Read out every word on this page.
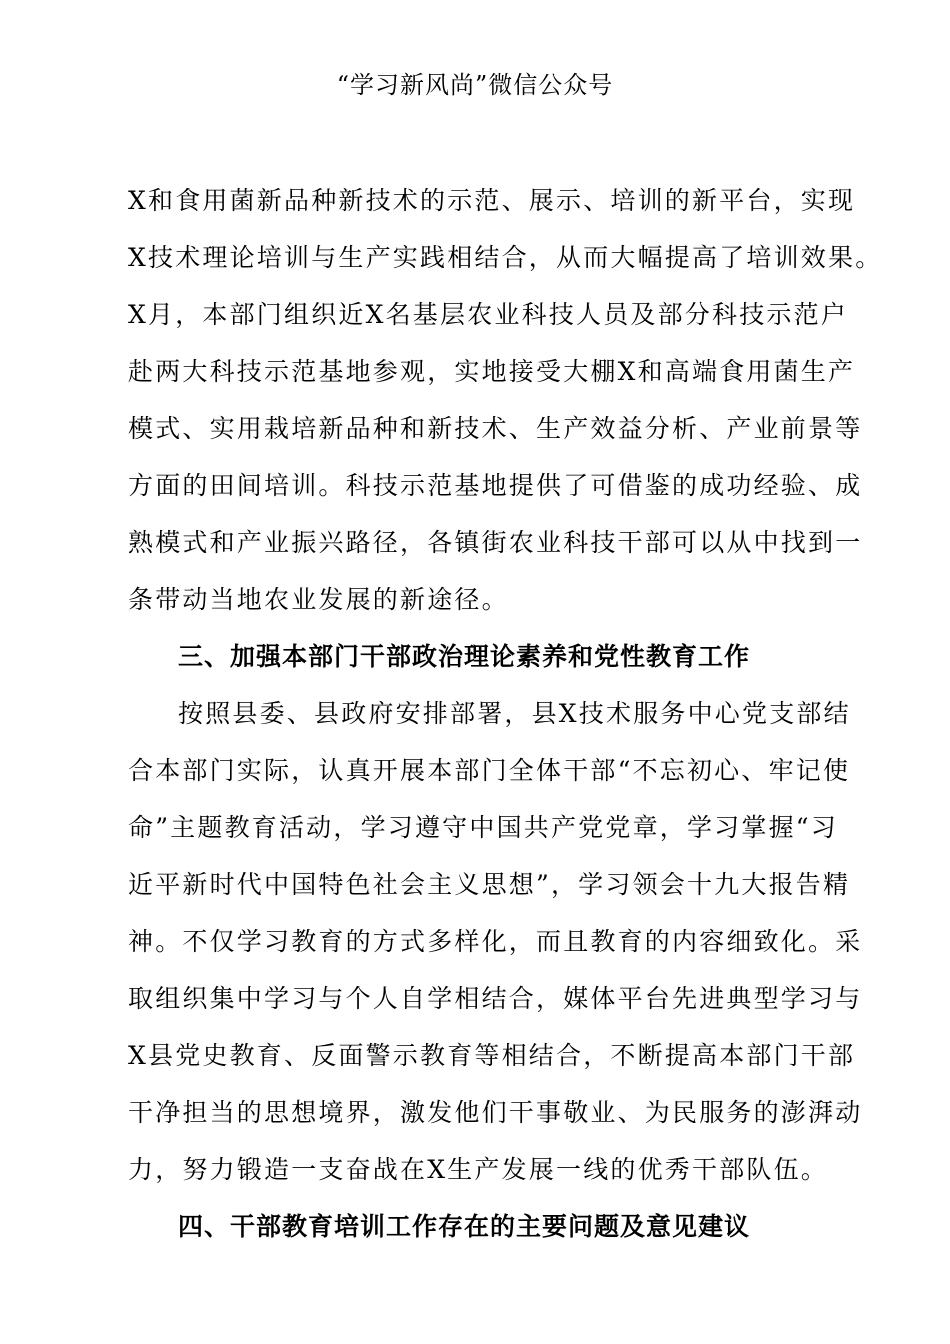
“学习新风尚”微信公众号
X和食用菌新品种新技术的示范、展示、培训的新平台，实现
X技术理论培训与生产实践相结合，从而大幅提高了培训效果。
X月，本部门组织近X名基层农业科技人员及部分科技示范户
赴两大科技示范基地参观，实地接受大棚X和高端食用菌生产
模式、实用栽培新品种和新技术、生产效益分析、产业前景等
方面的田间培训。科技示范基地提供了可借鉴的成功经验、成
熟模式和产业振兴路径，各镇街农业科技干部可以从中找到一
条带动当地农业发展的新途径。
三、加强本部门干部政治理论素养和党性教育工作
按照县委、县政府安排部署，县X技术服务中心党支部结
合本部门实际，认真开展本部门全体干部“不忘初心、牢记使
命”主题教育活动，学习遵守中国共产党党章，学习掌握“习
近平新时代中国特色社会主义思想”，学习领会十九大报告精
神。不仅学习教育的方式多样化，而且教育的内容细致化。采
取组织集中学习与个人自学相结合，媒体平台先进典型学习与
X县党史教育、反面警示教育等相结合，不断提高本部门干部
干净担当的思想境界，激发他们干事敬业、为民服务的澎湃动
力，努力锻造一支奋战在X生产发展一线的优秀干部队伍。
四、干部教育培训工作存在的主要问题及意见建议
